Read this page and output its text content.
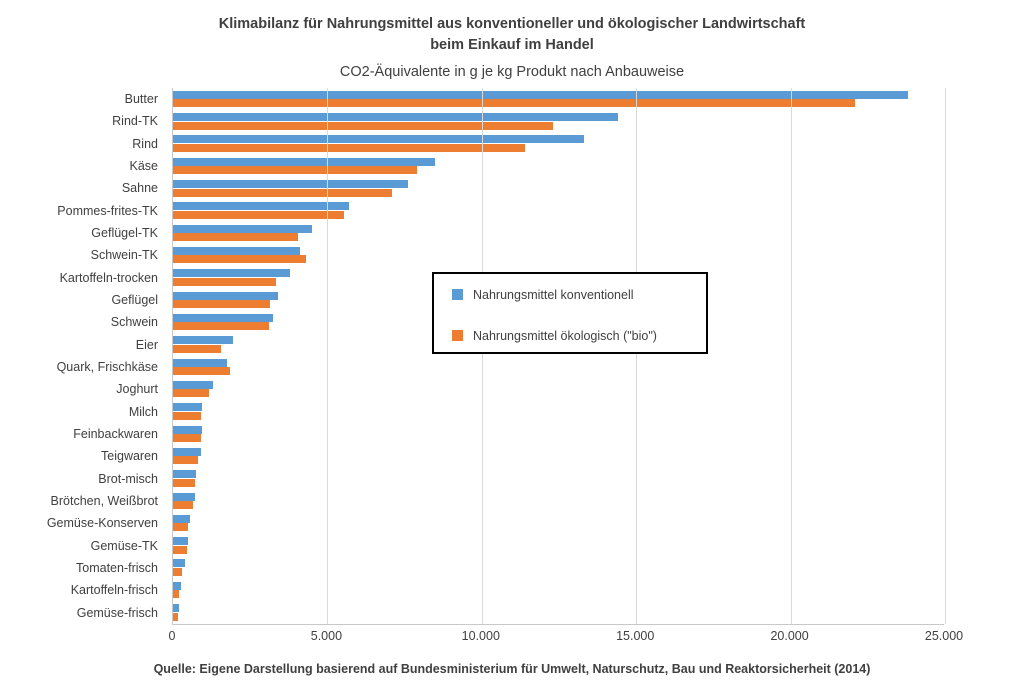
Klimabilanz für Nahrungsmittel aus konventioneller und ökologischer Landwirtschaft
beim Einkauf im Handel
CO2-Äquivalente in g je kg Produkt nach Anbauweise
Butter
Rind-TK
Rind
Käse
Sahne
Pommes-frites-TK
Geflügel-TK
Schwein-TK
Kartoffeln-trocken
Geflügel
Schwein
Eier
Quark, Frischkäse
Joghurt
Milch
Feinbackwaren
Teigwaren
Brot-misch
Brötchen, Weißbrot
Gemüse-Konserven
Gemüse-TK
Tomaten-frisch
Kartoffeln-frisch
Gemüse-frisch
0	5.000	10.000	15.000	20.000	25.000
Nahrungsmittel konventionell
Nahrungsmittel ökologisch ("bio")
Quelle: Eigene Darstellung basierend auf Bundesministerium für Umwelt, Naturschutz, Bau und Reaktorsicherheit (2014)
